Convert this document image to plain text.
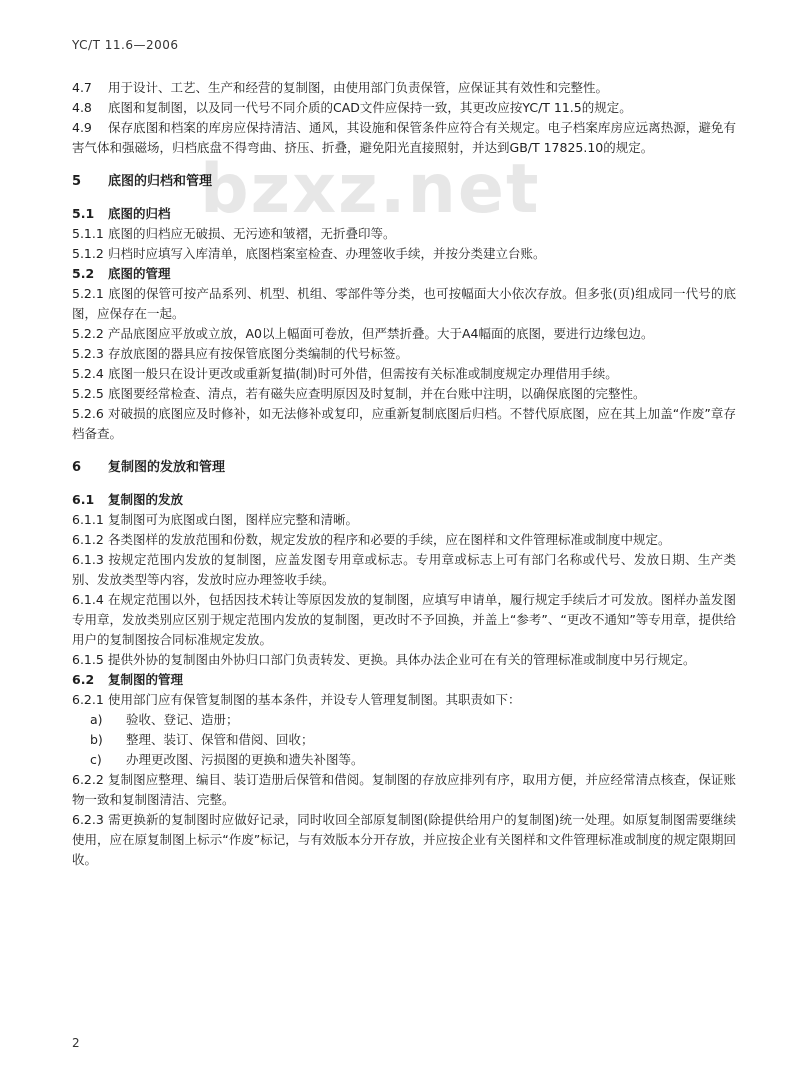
YC/T 11.6—2006
bzxz.net

4.7 用于设计、工艺、生产和经营的复制图，由使用部门负责保管，应保证其有效性和完整性。

4.8 底图和复制图，以及同一代号不同介质的CAD文件应保持一致，其更改应按YC/T 11.5的规定。

4.9 保存底图和档案的库房应保持清洁、通风，其设施和保管条件应符合有关规定。电子档案库房应远离热源，避免有害气体和强磁场，归档底盘不得弯曲、挤压、折叠，避免阳光直接照射，并达到GB/T 17825.10的规定。

5 底图的归档和管理

5.1 底图的归档

5.1.1 底图的归档应无破损、无污迹和皱褶，无折叠印等。

5.1.2 归档时应填写入库清单，底图档案室检查、办理签收手续，并按分类建立台账。

5.2 底图的管理

5.2.1 底图的保管可按产品系列、机型、机组、零部件等分类，也可按幅面大小依次存放。但多张(页)组成同一代号的底图，应保存在一起。

5.2.2 产品底图应平放或立放，A0以上幅面可卷放，但严禁折叠。大于A4幅面的底图，要进行边缘包边。

5.2.3 存放底图的器具应有按保管底图分类编制的代号标签。

5.2.4 底图一般只在设计更改或重新复描(制)时可外借，但需按有关标准或制度规定办理借用手续。

5.2.5 底图要经常检查、清点，若有磁失应查明原因及时复制，并在台账中注明，以确保底图的完整性。

5.2.6 对破损的底图应及时修补，如无法修补或复印，应重新复制底图后归档。不替代原底图，应在其上加盖“作废”章存档备查。

6 复制图的发放和管理

6.1 复制图的发放

6.1.1 复制图可为底图或白图，图样应完整和清晰。

6.1.2 各类图样的发放范围和份数，规定发放的程序和必要的手续，应在图样和文件管理标准或制度中规定。

6.1.3 按规定范围内发放的复制图，应盖发图专用章或标志。专用章或标志上可有部门名称或代号、发放日期、生产类别、发放类型等内容，发放时应办理签收手续。

6.1.4 在规定范围以外，包括因技术转让等原因发放的复制图，应填写申请单，履行规定手续后才可发放。图样办盖发图专用章，发放类别应区别于规定范围内发放的复制图，更改时不予回换，并盖上“参考”、“更改不通知”等专用章，提供给用户的复制图按合同标准规定发放。

6.1.5 提供外协的复制图由外协归口部门负责转发、更换。具体办法企业可在有关的管理标准或制度中另行规定。

6.2 复制图的管理

6.2.1 使用部门应有保管复制图的基本条件，并设专人管理复制图。其职责如下：

a) 验收、登记、造册；

b) 整理、装订、保管和借阅、回收；

c) 办理更改图、污损图的更换和遗失补图等。

6.2.2 复制图应整理、编目、装订造册后保管和借阅。复制图的存放应排列有序，取用方便，并应经常清点核查，保证账物一致和复制图清洁、完整。

6.2.3 需更换新的复制图时应做好记录，同时收回全部原复制图(除提供给用户的复制图)统一处理。如原复制图需要继续使用，应在原复制图上标示“作废”标记，与有效版本分开存放，并应按企业有关图样和文件管理标准或制度的规定限期回收。

2
